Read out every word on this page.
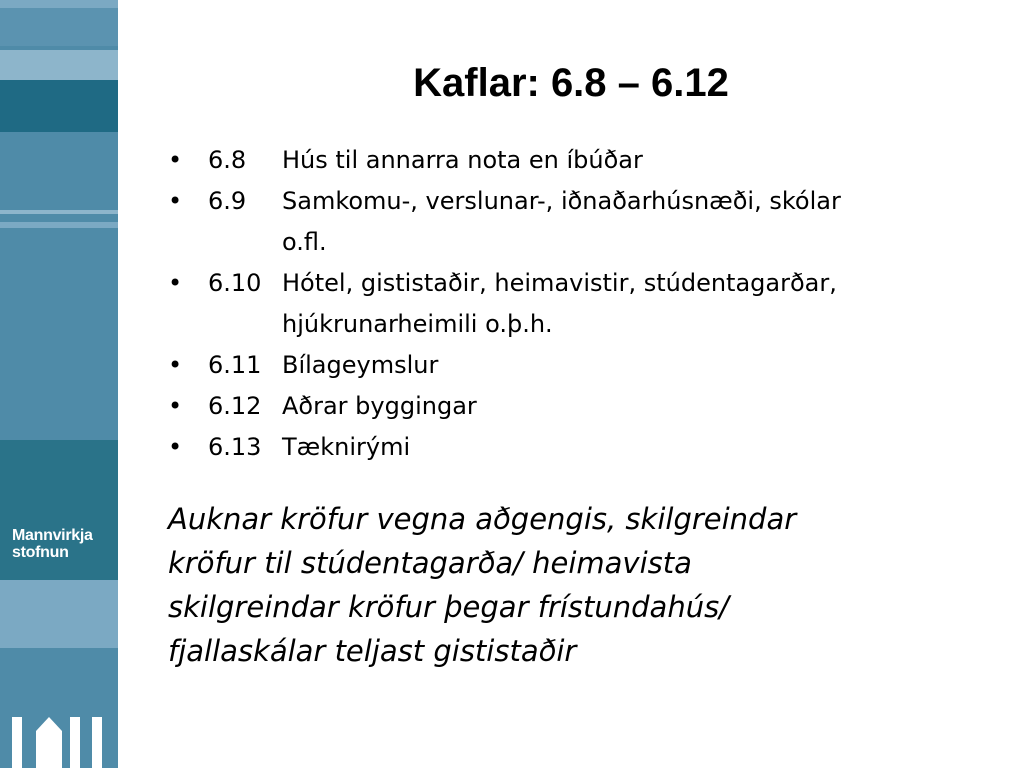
Mannvirkja
stofnun
Kaflar: 6.8 – 6.12
•	6.8	Hús til annarra nota en íbúðar
•	6.9	Samkomu-, verslunar-, iðnaðarhúsnæði, skólar
o.fl.
•	6.10 Hótel, gististaðir, heimavistir, stúdentagarðar,
hjúkrunarheimili o.þ.h.
•	6.11 Bílageymslur
•	6.12 Aðrar byggingar
•	6.13 Tæknirými
Auknar kröfur vegna aðgengis, skilgreindar
kröfur til stúdentagarða/ heimavista
skilgreindar kröfur þegar frístundahús/
fjallaskálar teljast gististaðir
